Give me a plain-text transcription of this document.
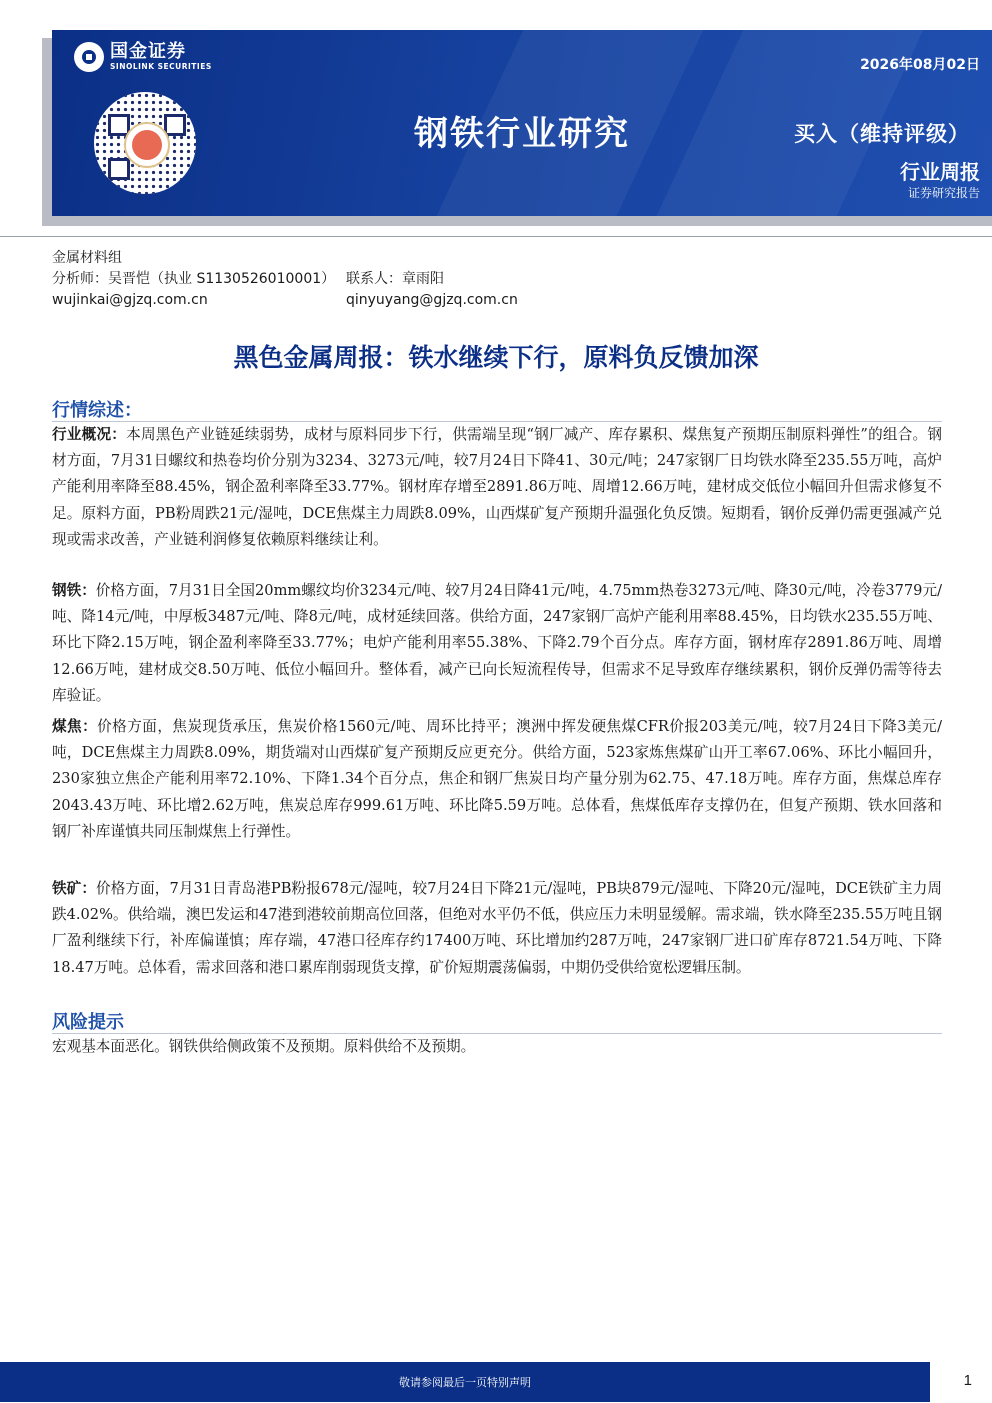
国金证券
SINOLINK SECURITIES
钢铁行业研究
2026年08月02日
买入（维持评级）
行业周报
证券研究报告
金属材料组
分析师：吴晋恺（执业 S1130526010001）
wujinkai@gjzq.com.cn
联系人：章雨阳
qinyuyang@gjzq.com.cn
黑色金属周报：铁水继续下行，原料负反馈加深
行情综述：
行业概况：本周黑色产业链延续弱势，成材与原料同步下行，供需端呈现“钢厂减产、库存累积、煤焦复产预期压制原料弹性”的组合。钢材方面，7月31日螺纹和热卷均价分别为3234、3273元/吨，较7月24日下降41、30元/吨；247家钢厂日均铁水降至235.55万吨，高炉产能利用率降至88.45%，钢企盈利率降至33.77%。钢材库存增至2891.86万吨、周增12.66万吨，建材成交低位小幅回升但需求修复不足。原料方面，PB粉周跌21元/湿吨，DCE焦煤主力周跌8.09%，山西煤矿复产预期升温强化负反馈。短期看，钢价反弹仍需更强减产兑现或需求改善，产业链利润修复依赖原料继续让利。
钢铁：价格方面，7月31日全国20mm螺纹均价3234元/吨、较7月24日降41元/吨，4.75mm热卷3273元/吨、降30元/吨，冷卷3779元/吨、降14元/吨，中厚板3487元/吨、降8元/吨，成材延续回落。供给方面，247家钢厂高炉产能利用率88.45%，日均铁水235.55万吨、环比下降2.15万吨，钢企盈利率降至33.77%；电炉产能利用率55.38%、下降2.79个百分点。库存方面，钢材库存2891.86万吨、周增12.66万吨，建材成交8.50万吨、低位小幅回升。整体看，减产已向长短流程传导，但需求不足导致库存继续累积，钢价反弹仍需等待去库验证。
煤焦：价格方面，焦炭现货承压，焦炭价格1560元/吨、周环比持平；澳洲中挥发硬焦煤CFR价报203美元/吨，较7月24日下降3美元/吨，DCE焦煤主力周跌8.09%，期货端对山西煤矿复产预期反应更充分。供给方面，523家炼焦煤矿山开工率67.06%、环比小幅回升，230家独立焦企产能利用率72.10%、下降1.34个百分点，焦企和钢厂焦炭日均产量分别为62.75、47.18万吨。库存方面，焦煤总库存2043.43万吨、环比增2.62万吨，焦炭总库存999.61万吨、环比降5.59万吨。总体看，焦煤低库存支撑仍在，但复产预期、铁水回落和钢厂补库谨慎共同压制煤焦上行弹性。
铁矿：价格方面，7月31日青岛港PB粉报678元/湿吨，较7月24日下降21元/湿吨，PB块879元/湿吨、下降20元/湿吨，DCE铁矿主力周跌4.02%。供给端，澳巴发运和47港到港较前期高位回落，但绝对水平仍不低，供应压力未明显缓解。需求端，铁水降至235.55万吨且钢厂盈利继续下行，补库偏谨慎；库存端，47港口径库存约17400万吨、环比增加约287万吨，247家钢厂进口矿库存8721.54万吨、下降18.47万吨。总体看，需求回落和港口累库削弱现货支撑，矿价短期震荡偏弱，中期仍受供给宽松逻辑压制。
风险提示
宏观基本面恶化。钢铁供给侧政策不及预期。原料供给不及预期。
敬请参阅最后一页特别声明	1
